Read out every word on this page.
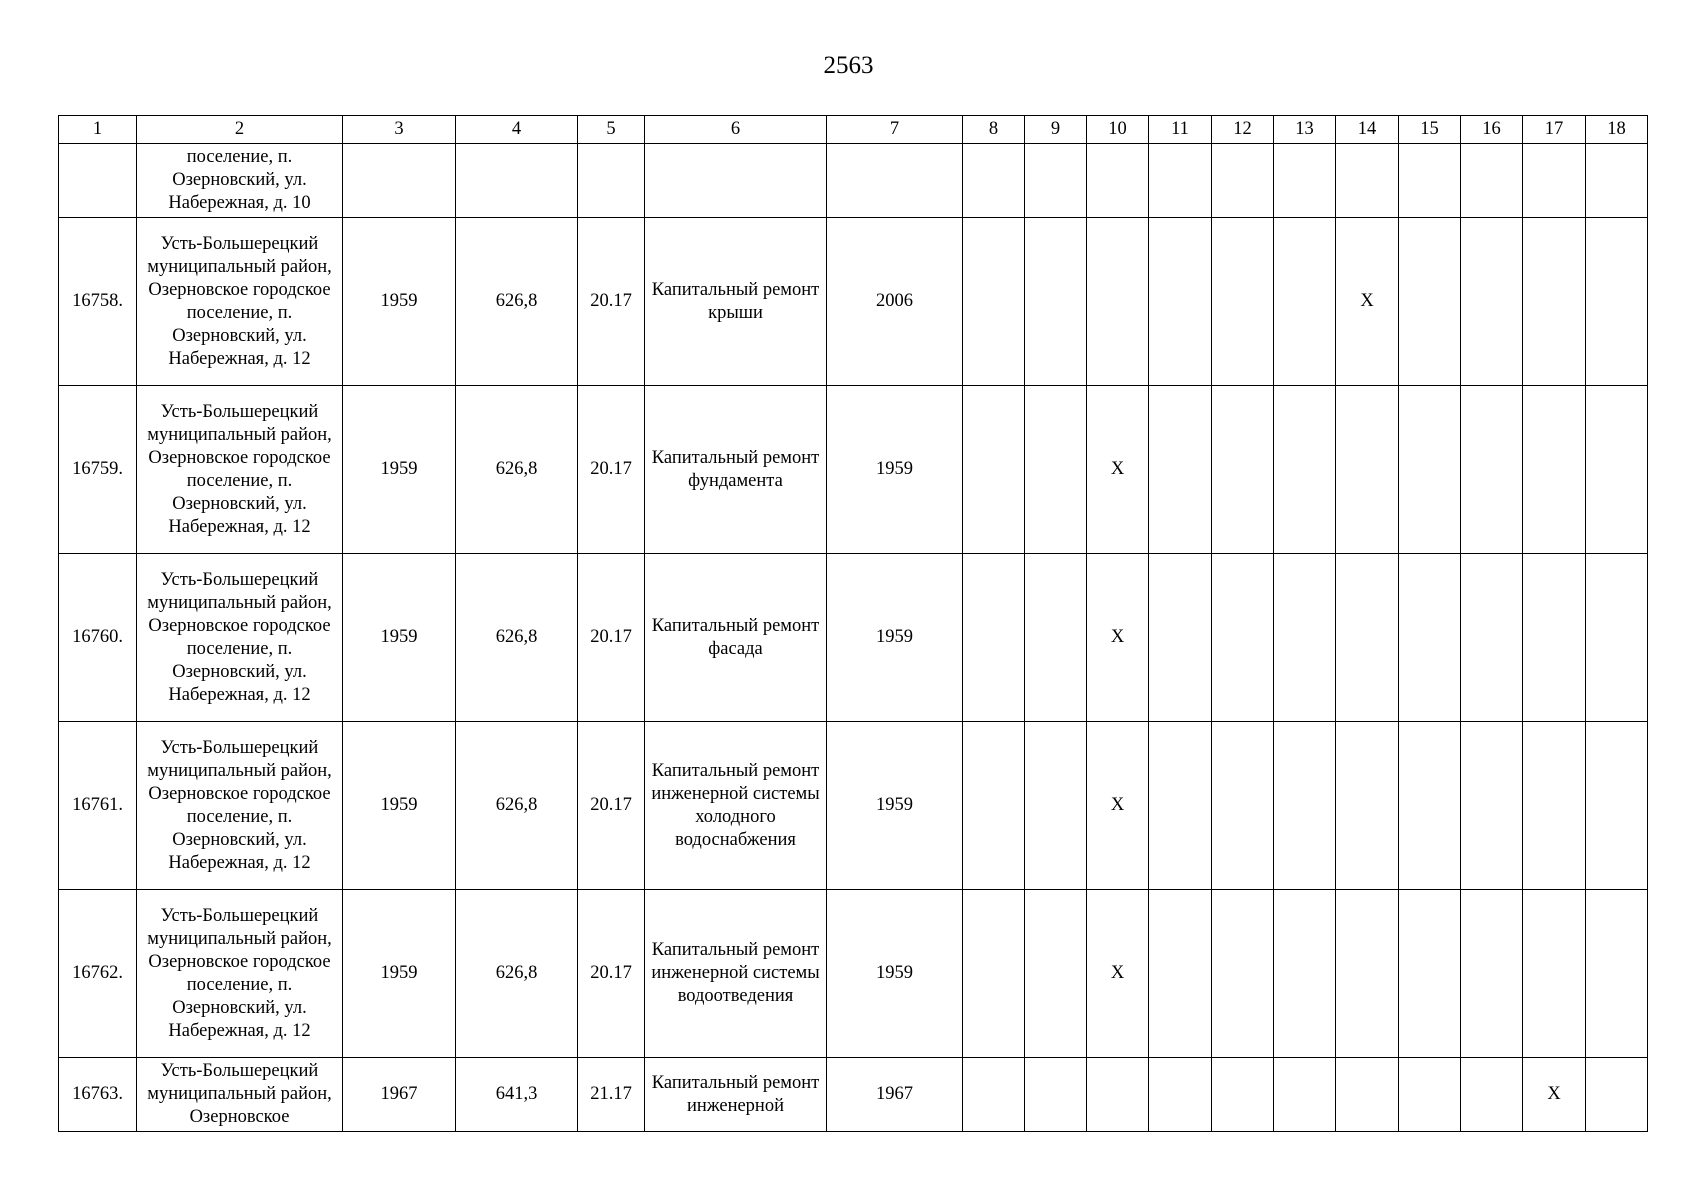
2563
1	2	3	4	5	6	7	8	9	10	11	12	13	14	15	16	17	18
	поселение, п. Озерновский, ул. Набережная, д. 10																
16758.	Усть-Большерецкий муниципальный район, Озерновское городское поселение, п. Озерновский, ул. Набережная, д. 12	1959	626,8	20.17	Капитальный ремонт крыши	2006							X				
16759.	Усть-Большерецкий муниципальный район, Озерновское городское поселение, п. Озерновский, ул. Набережная, д. 12	1959	626,8	20.17	Капитальный ремонт фундамента	1959			X								
16760.	Усть-Большерецкий муниципальный район, Озерновское городское поселение, п. Озерновский, ул. Набережная, д. 12	1959	626,8	20.17	Капитальный ремонт фасада	1959			X								
16761.	Усть-Большерецкий муниципальный район, Озерновское городское поселение, п. Озерновский, ул. Набережная, д. 12	1959	626,8	20.17	Капитальный ремонт инженерной системы холодного водоснабжения	1959			X								
16762.	Усть-Большерецкий муниципальный район, Озерновское городское поселение, п. Озерновский, ул. Набережная, д. 12	1959	626,8	20.17	Капитальный ремонт инженерной системы водоотведения	1959			X								
16763.	Усть-Большерецкий муниципальный район, Озерновское	1967	641,3	21.17	Капитальный ремонт инженерной	1967										X	
